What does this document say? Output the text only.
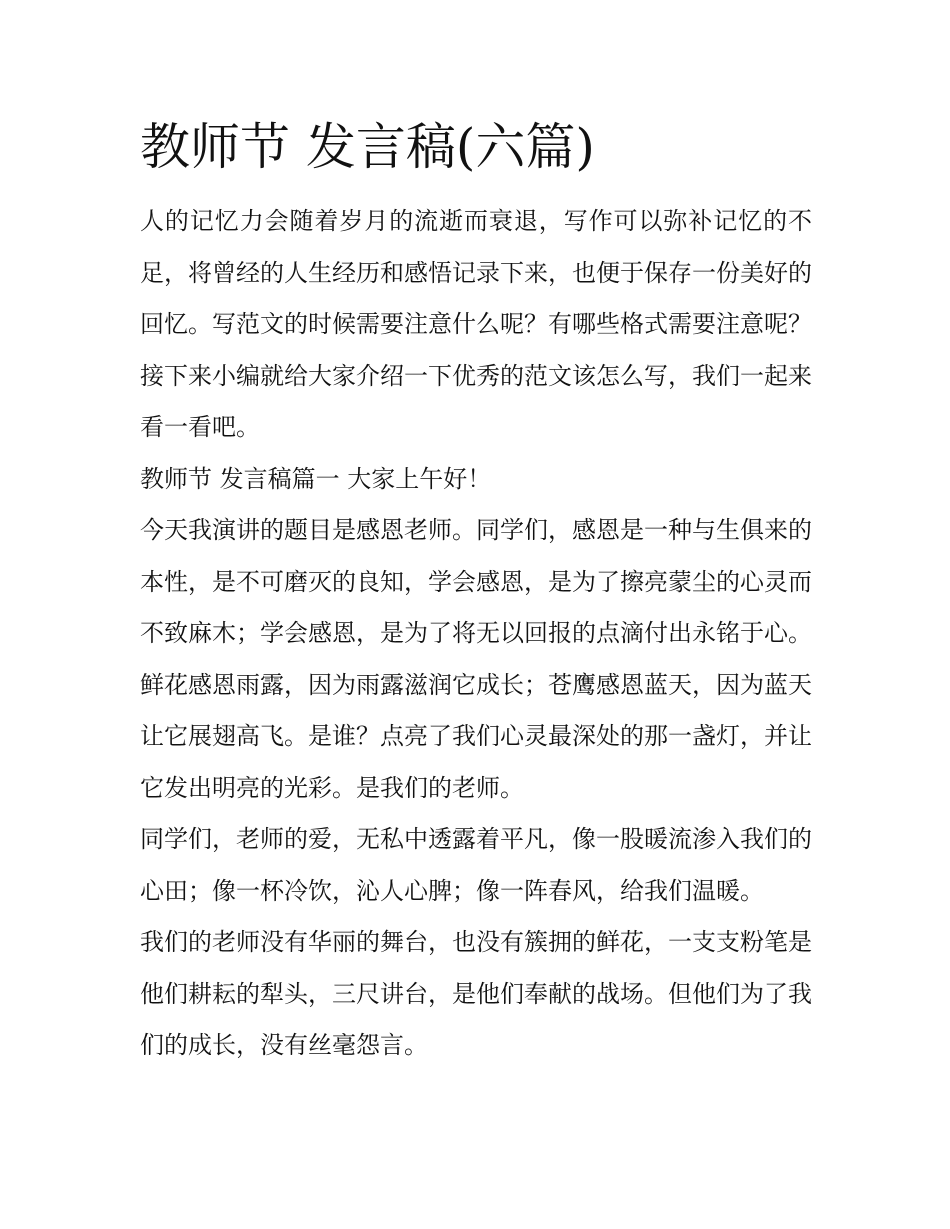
教师节 发言稿(六篇)

人的记忆力会随着岁月的流逝而衰退，写作可以弥补记忆的不足，将曾经的人生经历和感悟记录下来，也便于保存一份美好的回忆。写范文的时候需要注意什么呢？有哪些格式需要注意呢？接下来小编就给大家介绍一下优秀的范文该怎么写，我们一起来看一看吧。

教师节 发言稿篇一 大家上午好！

今天我演讲的题目是感恩老师。同学们，感恩是一种与生俱来的本性，是不可磨灭的良知，学会感恩，是为了擦亮蒙尘的心灵而不致麻木；学会感恩，是为了将无以回报的点滴付出永铭于心。

鲜花感恩雨露，因为雨露滋润它成长；苍鹰感恩蓝天，因为蓝天让它展翅高飞。是谁？点亮了我们心灵最深处的那一盏灯，并让它发出明亮的光彩。是我们的老师。

同学们，老师的爱，无私中透露着平凡，像一股暖流渗入我们的心田；像一杯冷饮，沁人心脾；像一阵春风，给我们温暖。

我们的老师没有华丽的舞台，也没有簇拥的鲜花，一支支粉笔是他们耕耘的犁头，三尺讲台，是他们奉献的战场。但他们为了我们的成长，没有丝毫怨言。
